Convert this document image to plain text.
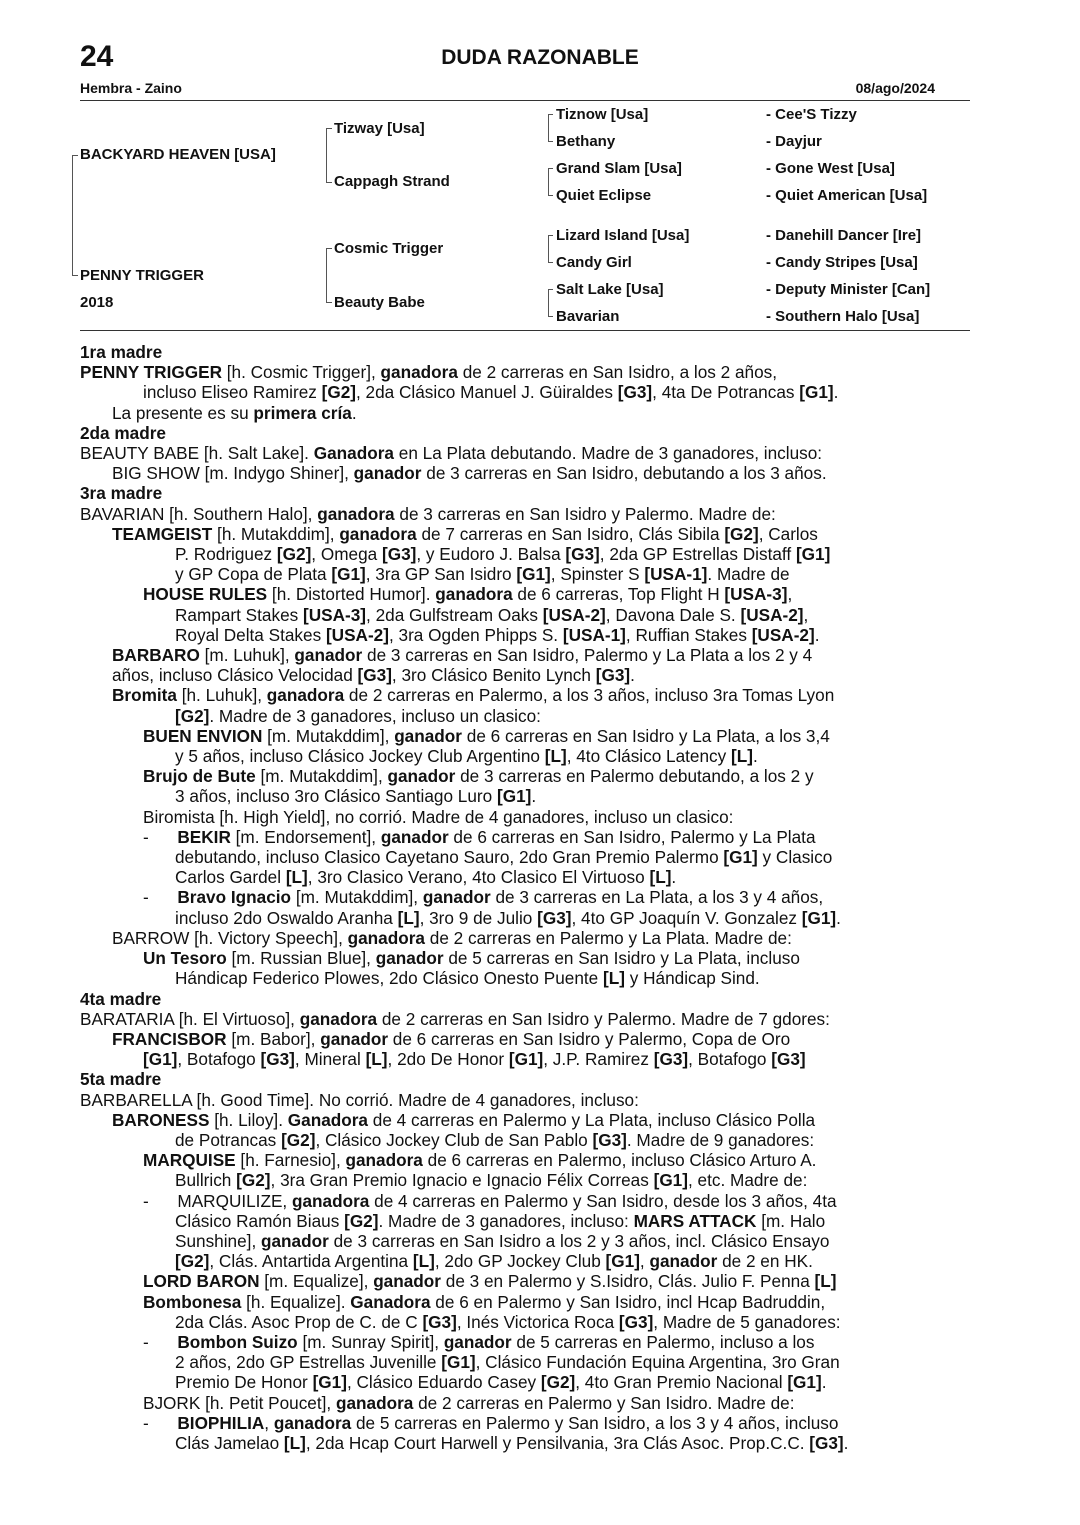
24	DUDA RAZONABLE
Hembra - Zaino	08/ago/2024
BACKYARD HEAVEN [USA]
PENNY TRIGGER
2018
Tizway [Usa]
Cappagh Strand
Cosmic Trigger
Beauty Babe
Tiznow [Usa]
Bethany
Grand Slam [Usa]
Quiet Eclipse
Lizard Island [Usa]
Candy Girl
Salt Lake [Usa]
Bavarian
- Cee'S Tizzy
- Dayjur
- Gone West [Usa]
- Quiet American [Usa]
- Danehill Dancer [Ire]
- Candy Stripes [Usa]
- Deputy Minister [Can]
- Southern Halo [Usa]

1ra madre

PENNY TRIGGER [h. Cosmic Trigger], ganadora de 2 carreras en San Isidro, a los 2 años,

incluso Eliseo Ramirez [G2], 2da Clásico Manuel J. Güiraldes [G3], 4ta De Potrancas [G1].

La presente es su primera cría.

2da madre

BEAUTY BABE [h. Salt Lake]. Ganadora en La Plata debutando. Madre de 3 ganadores, incluso:

BIG SHOW [m. Indygo Shiner], ganador de 3 carreras en San Isidro, debutando a los 3 años.

3ra madre

BAVARIAN [h. Southern Halo], ganadora de 3 carreras en San Isidro y Palermo. Madre de:

TEAMGEIST [h. Mutakddim], ganadora de 7 carreras en San Isidro, Clás Sibila [G2], Carlos

P. Rodriguez [G2], Omega [G3], y Eudoro J. Balsa [G3], 2da GP Estrellas Distaff [G1]

y GP Copa de Plata [G1], 3ra GP San Isidro [G1], Spinster S [USA-1]. Madre de

HOUSE RULES [h. Distorted Humor]. ganadora de 6 carreras, Top Flight H [USA-3],

Rampart Stakes [USA-3], 2da Gulfstream Oaks [USA-2], Davona Dale S. [USA-2],

Royal Delta Stakes [USA-2], 3ra Ogden Phipps S. [USA-1], Ruffian Stakes [USA-2].

BARBARO [m. Luhuk], ganador de 3 carreras en San Isidro, Palermo y La Plata a los 2 y 4

años, incluso Clásico Velocidad [G3], 3ro Clásico Benito Lynch [G3].

Bromita [h. Luhuk], ganadora de 2 carreras en Palermo, a los 3 años, incluso 3ra Tomas Lyon

[G2]. Madre de 3 ganadores, incluso un clasico:

BUEN ENVION [m. Mutakddim], ganador de 6 carreras en San Isidro y La Plata, a los 3,4

y 5 años, incluso Clásico Jockey Club Argentino [L], 4to Clásico Latency [L].

Brujo de Bute [m. Mutakddim], ganador de 3 carreras en Palermo debutando, a los 2 y

3 años, incluso 3ro Clásico Santiago Luro [G1].

Biromista [h. High Yield], no corrió. Madre de 4 ganadores, incluso un clasico:

-      BEKIR [m. Endorsement], ganador de 6 carreras en San Isidro, Palermo y La Plata

debutando, incluso Clasico Cayetano Sauro, 2do Gran Premio Palermo [G1] y Clasico

Carlos Gardel [L], 3ro Clasico Verano, 4to Clasico El Virtuoso [L].

-      Bravo Ignacio [m. Mutakddim], ganador de 3 carreras en La Plata, a los 3 y 4 años,

incluso 2do Oswaldo Aranha [L], 3ro 9 de Julio [G3], 4to GP Joaquín V. Gonzalez [G1].

BARROW [h. Victory Speech], ganadora de 2 carreras en Palermo y La Plata. Madre de:

Un Tesoro [m. Russian Blue], ganador de 5 carreras en San Isidro y La Plata, incluso

Hándicap Federico Plowes, 2do Clásico Onesto Puente [L] y Hándicap Sind.

4ta madre

BARATARIA [h. El Virtuoso], ganadora de 2 carreras en San Isidro y Palermo. Madre de 7 gdores:

FRANCISBOR [m. Babor], ganador de 6 carreras en San Isidro y Palermo, Copa de Oro

[G1], Botafogo [G3], Mineral [L], 2do De Honor [G1], J.P. Ramirez [G3], Botafogo [G3]

5ta madre

BARBARELLA [h. Good Time]. No corrió. Madre de 4 ganadores, incluso:

BARONESS [h. Liloy]. Ganadora de 4 carreras en Palermo y La Plata, incluso Clásico Polla

de Potrancas [G2], Clásico Jockey Club de San Pablo [G3]. Madre de 9 ganadores:

MARQUISE [h. Farnesio], ganadora de 6 carreras en Palermo, incluso Clásico Arturo A.

Bullrich [G2], 3ra Gran Premio Ignacio e Ignacio Félix Correas [G1], etc. Madre de:

-      MARQUILIZE, ganadora de 4 carreras en Palermo y San Isidro, desde los 3 años, 4ta

Clásico Ramón Biaus [G2]. Madre de 3 ganadores, incluso: MARS ATTACK [m. Halo

Sunshine], ganador de 3 carreras en San Isidro a los 2 y 3 años, incl. Clásico Ensayo

[G2], Clás. Antartida Argentina [L], 2do GP Jockey Club [G1], ganador de 2 en HK.

LORD BARON [m. Equalize], ganador de 3 en Palermo y S.Isidro, Clás. Julio F. Penna [L]

Bombonesa [h. Equalize]. Ganadora de 6 en Palermo y San Isidro, incl Hcap Badruddin,

2da Clás. Asoc Prop de C. de C [G3], Inés Victorica Roca [G3], Madre de 5 ganadores:

-      Bombon Suizo [m. Sunray Spirit], ganador de 5 carreras en Palermo, incluso a los

2 años, 2do GP Estrellas Juvenille [G1], Clásico Fundación Equina Argentina, 3ro Gran

Premio De Honor [G1], Clásico Eduardo Casey [G2], 4to Gran Premio Nacional [G1].

BJORK [h. Petit Poucet], ganadora de 2 carreras en Palermo y San Isidro. Madre de:

-      BIOPHILIA, ganadora de 5 carreras en Palermo y San Isidro, a los 3 y 4 años, incluso

Clás Jamelao [L], 2da Hcap Court Harwell y Pensilvania, 3ra Clás Asoc. Prop.C.C. [G3].
